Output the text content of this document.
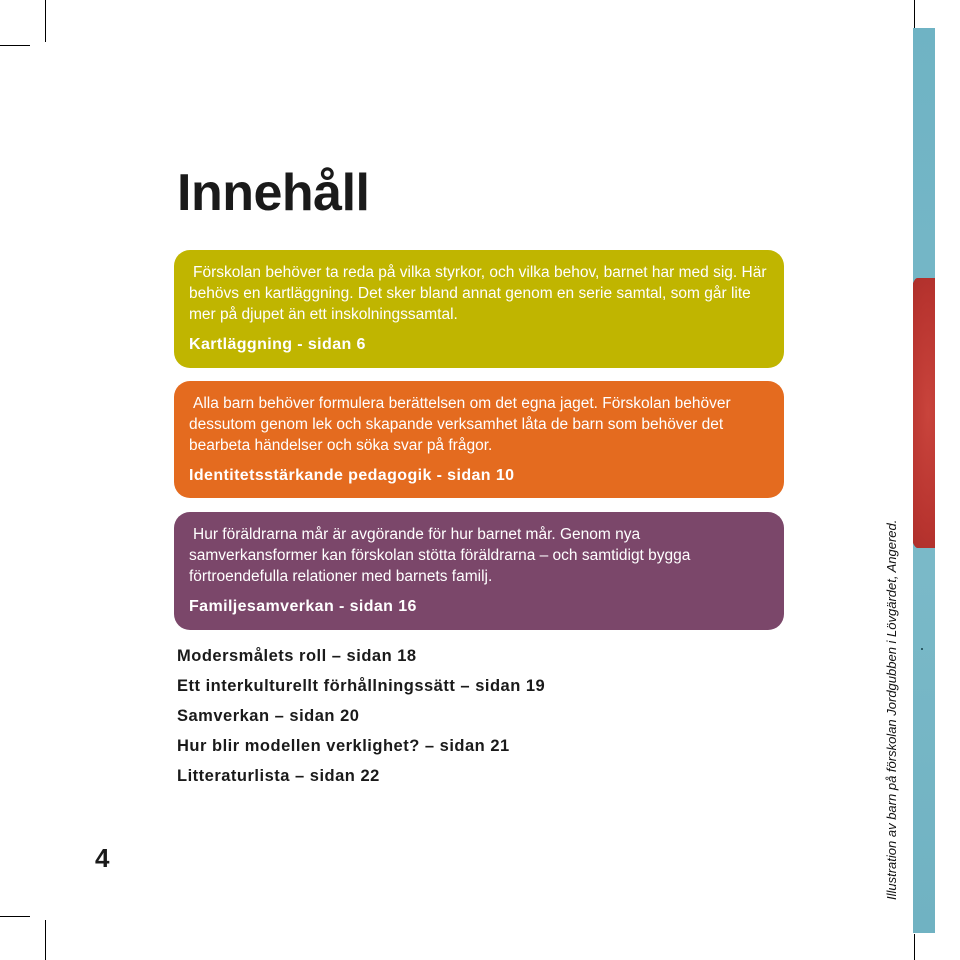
Illustration av barn på förskolan Jordgubben i Lövgärdet, Angered.
Innehåll

Förskolan behöver ta reda på vilka styrkor, och vilka behov, barnet har med sig. Här behövs en kartläggning. Det sker bland annat genom en serie samtal, som går lite mer på djupet än ett inskolningssamtal.

Kartläggning - sidan 6

Alla barn behöver formulera berättelsen om det egna jaget. Förskolan behöver dessutom genom lek och skapande verksamhet låta de barn som behöver det bearbeta händelser och söka svar på frågor.

Identitetsstärkande pedagogik - sidan 10

Hur föräldrarna mår är avgörande för hur barnet mår. Genom nya samverkansformer kan förskolan stötta föräldrarna – och samtidigt bygga förtroendefulla relationer med barnets familj.

Familjesamverkan - sidan 16
Modersmålets roll – sidan 18
Ett interkulturellt förhållningssätt – sidan 19
Samverkan – sidan 20
Hur blir modellen verklighet? – sidan 21
Litteraturlista – sidan 22
4
